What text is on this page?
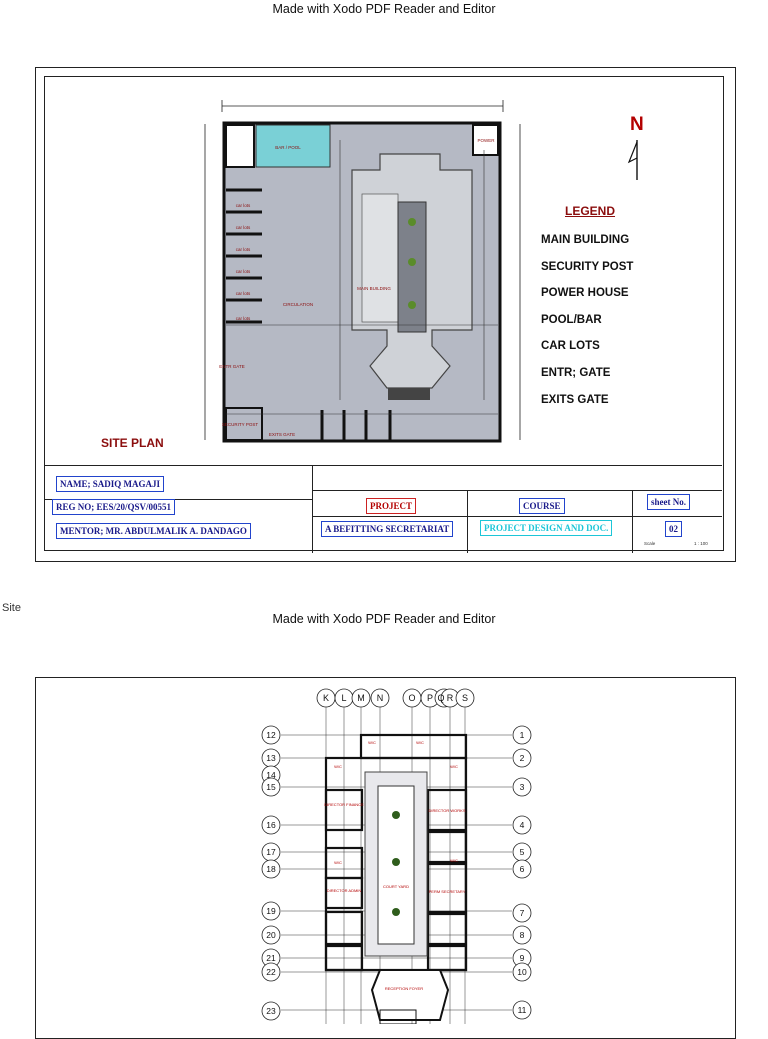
Made with Xodo PDF Reader and Editor
Made with Xodo PDF Reader and Editor
BAR / POOL
POWER
CIRCULATION
MAIN BUILDING
ENTR GATE
SECURITY POST
EXITS GATE
car lots
car lots
car lots
car lots
car lots
car lots
N
LEGEND
MAIN BUILDING
SECURITY POST
POWER HOUSE
POOL/BAR
CAR LOTS
ENTR; GATE
EXITS GATE
SITE PLAN
NAME; SADIQ MAGAJI
REG NO; EES/20/QSV/00551
MENTOR; MR. ABDULMALIK A. DANDAGO
PROJECT
A BEFITTING SECRETARIAT
COURSE
PROJECT DESIGN AND DOC.
sheet No.
02
Scale	1 : 100
Site
K L M N	O P Q R S
12
13
14
15
16
17
18
19
20
21
22
23
1
2
3
4
5
6
7
8
9
10
11
COURT YARD
DIRECTOR ADMIN
DIRECTOR WORKS
DIRECTOR FINANCE
PERM SECRETARY
RECEPTION FOYER
W/C	W/C
W/C	W/C
W/C	W/C
